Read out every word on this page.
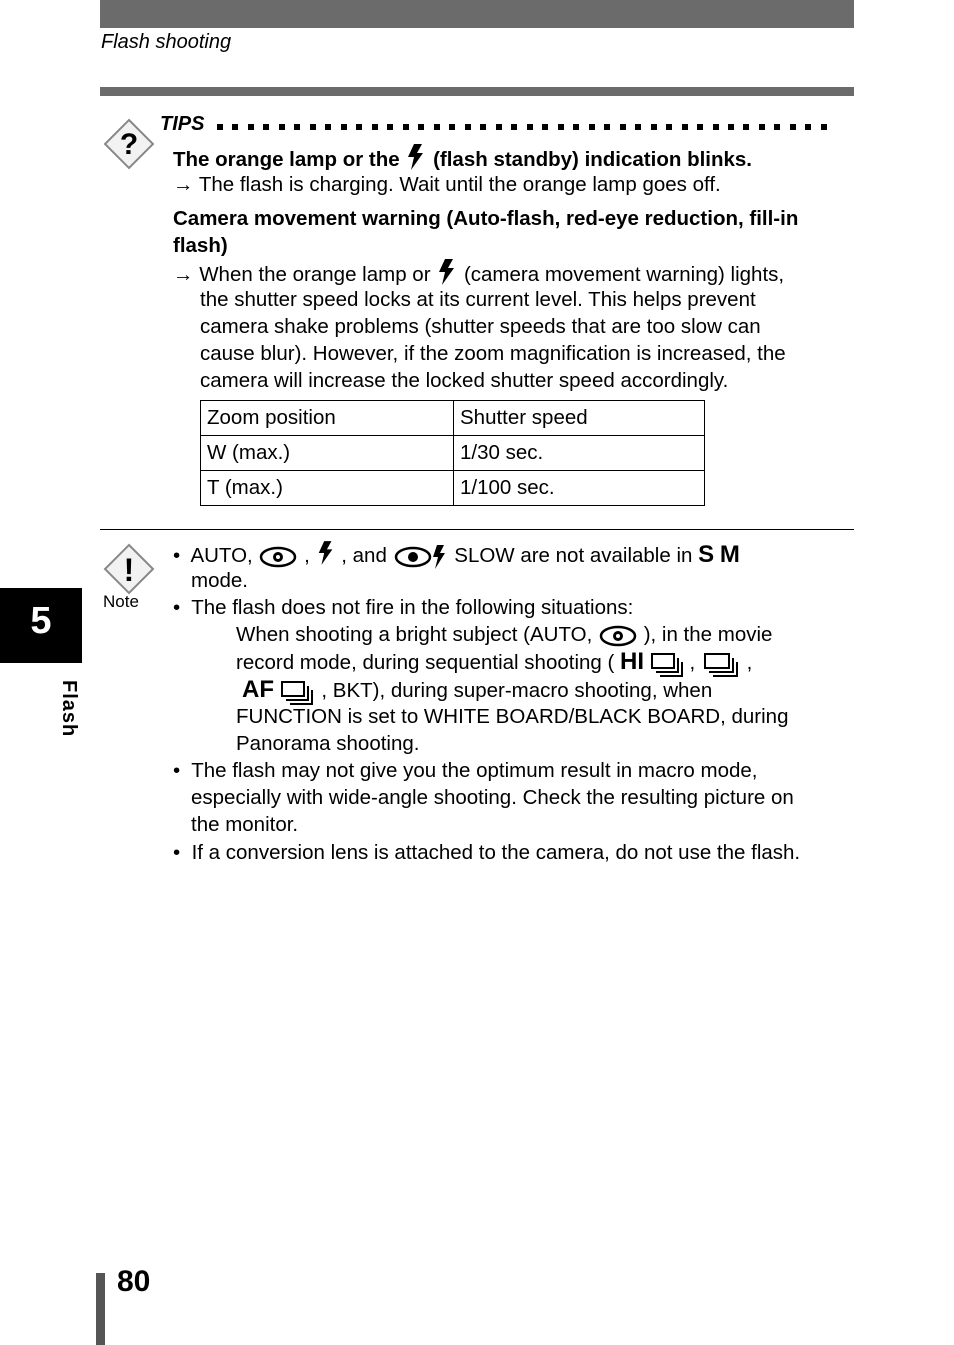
Flash shooting
?
TIPS
The orange lamp or the (flash standby) indication blinks.
→ The flash is charging. Wait until the orange lamp goes off.
Camera movement warning (Auto-flash, red-eye reduction, fill-in
flash)
→ When the orange lamp or (camera movement warning) lights,
the shutter speed locks at its current level. This helps prevent
camera shake problems (shutter speeds that are too slow can
cause blur). However, if the zoom magnification is increased, the
camera will increase the locked shutter speed accordingly.
Zoom position	Shutter speed
W (max.)	1/30 sec.
T (max.)	1/100 sec.
!
Note
• AUTO,	, , and	SLOW are not available in S M
mode.
• The flash does not fire in the following situations:
When shooting a bright subject (AUTO,	), in the movie
record mode, during sequential shooting ( HI ,	,
AF , BKT), during super-macro shooting, when
FUNCTION is set to WHITE BOARD/BLACK BOARD, during
Panorama shooting.
• The flash may not give you the optimum result in macro mode,
especially with wide-angle shooting. Check the resulting picture on
the monitor.
• If a conversion lens is attached to the camera, do not use the flash.
5
Flash
80
